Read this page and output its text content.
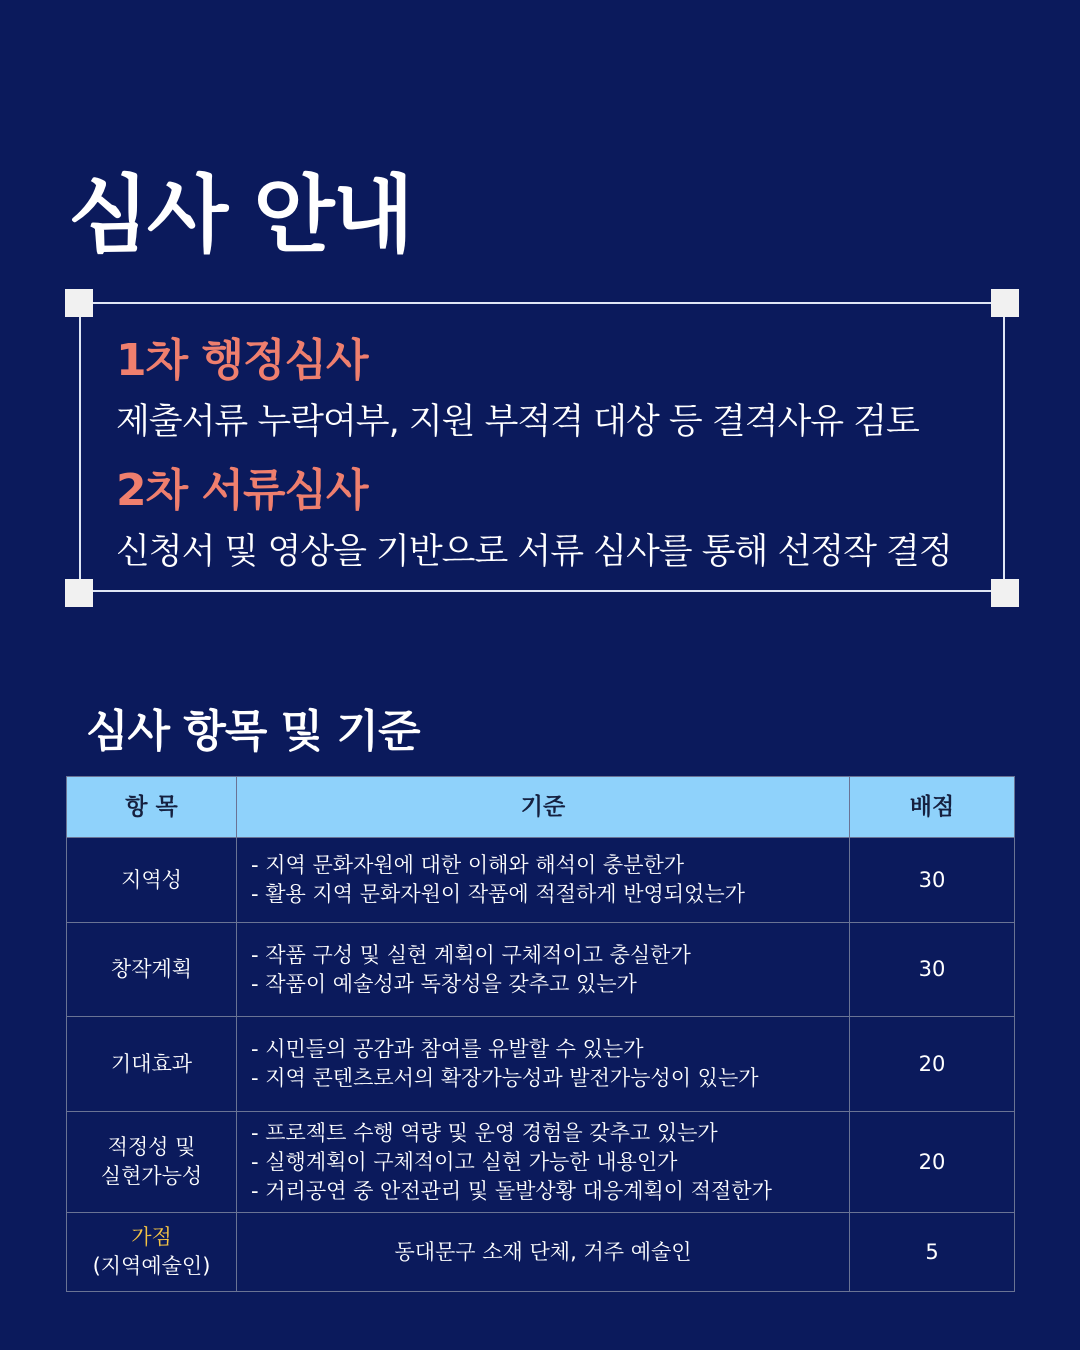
심사 안내

1차 행정심사

제출서류 누락여부, 지원 부적격 대상 등 결격사유 검토

2차 서류심사

신청서 및 영상을 기반으로 서류 심사를 통해 선정작 결정

심사 항목 및 기준
항 목	기준	배점

지역성	- 지역 문화자원에 대한 이해와 해석이 충분한가
- 활용 지역 문화자원이 작품에 적절하게 반영되었는가	30

창작계획	- 작품 구성 및 실현 계획이 구체적이고 충실한가
- 작품이 예술성과 독창성을 갖추고 있는가	30

기대효과	- 시민들의 공감과 참여를 유발할 수 있는가
- 지역 콘텐츠로서의 확장가능성과 발전가능성이 있는가	20

적정성 및
실현가능성	- 프로젝트 수행 역량 및 운영 경험을 갖추고 있는가
- 실행계획이 구체적이고 실현 가능한 내용인가
- 거리공연 중 안전관리 및 돌발상황 대응계획이 적절한가	20

가점
(지역예술인)	동대문구 소재 단체, 거주 예술인	5
